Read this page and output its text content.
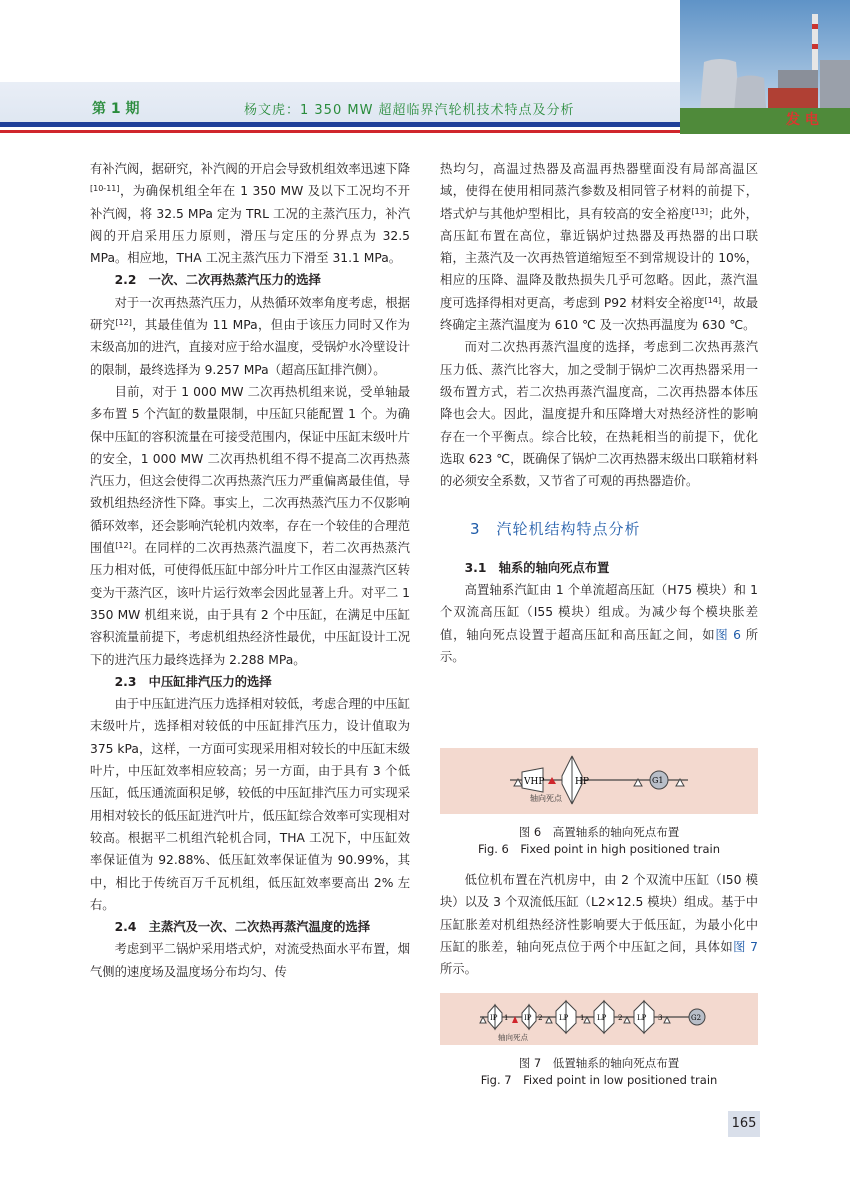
第 1 期	杨文虎：1 350 MW 超超临界汽轮机技术特点及分析
发 电

有补汽阀，据研究，补汽阀的开启会导致机组效率迅速下降[10-11]，为确保机组全年在 1 350 MW 及以下工况均不开补汽阀，将 32.5 MPa 定为 TRL 工况的主蒸汽压力，补汽阀的开启采用压力原则，滑压与定压的分界点为 32.5 MPa。相应地，THA 工况主蒸汽压力下滑至 31.1 MPa。

2.2　一次、二次再热蒸汽压力的选择

对于一次再热蒸汽压力，从热循环效率角度考虑，根据研究[12]，其最佳值为 11 MPa，但由于该压力同时又作为末级高加的进汽，直接对应于给水温度，受锅炉水冷壁设计的限制，最终选择为 9.257 MPa（超高压缸排汽侧）。

目前，对于 1 000 MW 二次再热机组来说，受单轴最多布置 5 个汽缸的数量限制，中压缸只能配置 1 个。为确保中压缸的容积流量在可接受范围内，保证中压缸末级叶片的安全，1 000 MW 二次再热机组不得不提高二次再热蒸汽压力，但这会使得二次再热蒸汽压力严重偏离最佳值，导致机组热经济性下降。事实上，二次再热蒸汽压力不仅影响循环效率，还会影响汽轮机内效率，存在一个较佳的合理范围值[12]。在同样的二次再热蒸汽温度下，若二次再热蒸汽压力相对低，可使得低压缸中部分叶片工作区由湿蒸汽区转变为干蒸汽区，该叶片运行效率会因此显著上升。对平二 1 350 MW 机组来说，由于具有 2 个中压缸，在满足中压缸容积流量前提下，考虑机组热经济性最优，中压缸设计工况下的进汽压力最终选择为 2.288 MPa。

2.3　中压缸排汽压力的选择

由于中压缸进汽压力选择相对较低，考虑合理的中压缸末级叶片，选择相对较低的中压缸排汽压力，设计值取为 375 kPa，这样，一方面可实现采用相对较长的中压缸末级叶片，中压缸效率相应较高；另一方面，由于具有 3 个低压缸，低压通流面积足够，较低的中压缸排汽压力可实现采用相对较长的低压缸进汽叶片，低压缸综合效率可实现相对较高。根据平二机组汽轮机合同，THA 工况下，中压缸效率保证值为 92.88%、低压缸效率保证值为 90.99%，其中，相比于传统百万千瓦机组，低压缸效率要高出 2% 左右。

2.4　主蒸汽及一次、二次热再蒸汽温度的选择

考虑到平二锅炉采用塔式炉，对流受热面水平布置，烟气侧的速度场及温度场分布均匀、传

热均匀，高温过热器及高温再热器壁面没有局部高温区域，使得在使用相同蒸汽参数及相同管子材料的前提下，塔式炉与其他炉型相比，具有较高的安全裕度[13]；此外，高压缸布置在高位，靠近锅炉过热器及再热器的出口联箱，主蒸汽及一次再热管道缩短至不到常规设计的 10%，相应的压降、温降及散热损失几乎可忽略。因此，蒸汽温度可选择得相对更高，考虑到 P92 材料安全裕度[14]，故最终确定主蒸汽温度为 610 ℃ 及一次热再温度为 630 ℃。

而对二次热再蒸汽温度的选择，考虑到二次热再蒸汽压力低、蒸汽比容大，加之受制于锅炉二次再热器采用一级布置方式，若二次热再蒸汽温度高，二次再热器本体压降也会大。因此，温度提升和压降增大对热经济性的影响存在一个平衡点。综合比较，在热耗相当的前提下，优化选取 623 ℃，既确保了锅炉二次再热器末级出口联箱材料的必须安全系数，又节省了可观的再热器造价。

3　汽轮机结构特点分析

3.1　轴系的轴向死点布置

高置轴系汽缸由 1 个单流超高压缸（H75 模块）和 1 个双流高压缸（I55 模块）组成。为减少每个模块胀差值，轴向死点设置于超高压缸和高压缸之间，如图 6 所示。

VHP	HP	G1
轴向死点
图 6　高置轴系的轴向死点布置
Fig. 6　Fixed point in high positioned train

低位机布置在汽机房中，由 2 个双流中压缸（I50 模块）以及 3 个双流低压缸（L2×12.5 模块）组成。基于中压缸胀差对机组热经济性影响要大于低压缸，为最小化中压缸的胀差，轴向死点位于两个中压缸之间，具体如图 7 所示。

IP 1 IP 2 LP 1 LP 2 LP 3	G2
轴向死点
图 7　低置轴系的轴向死点布置
Fig. 7　Fixed point in low positioned train
165
